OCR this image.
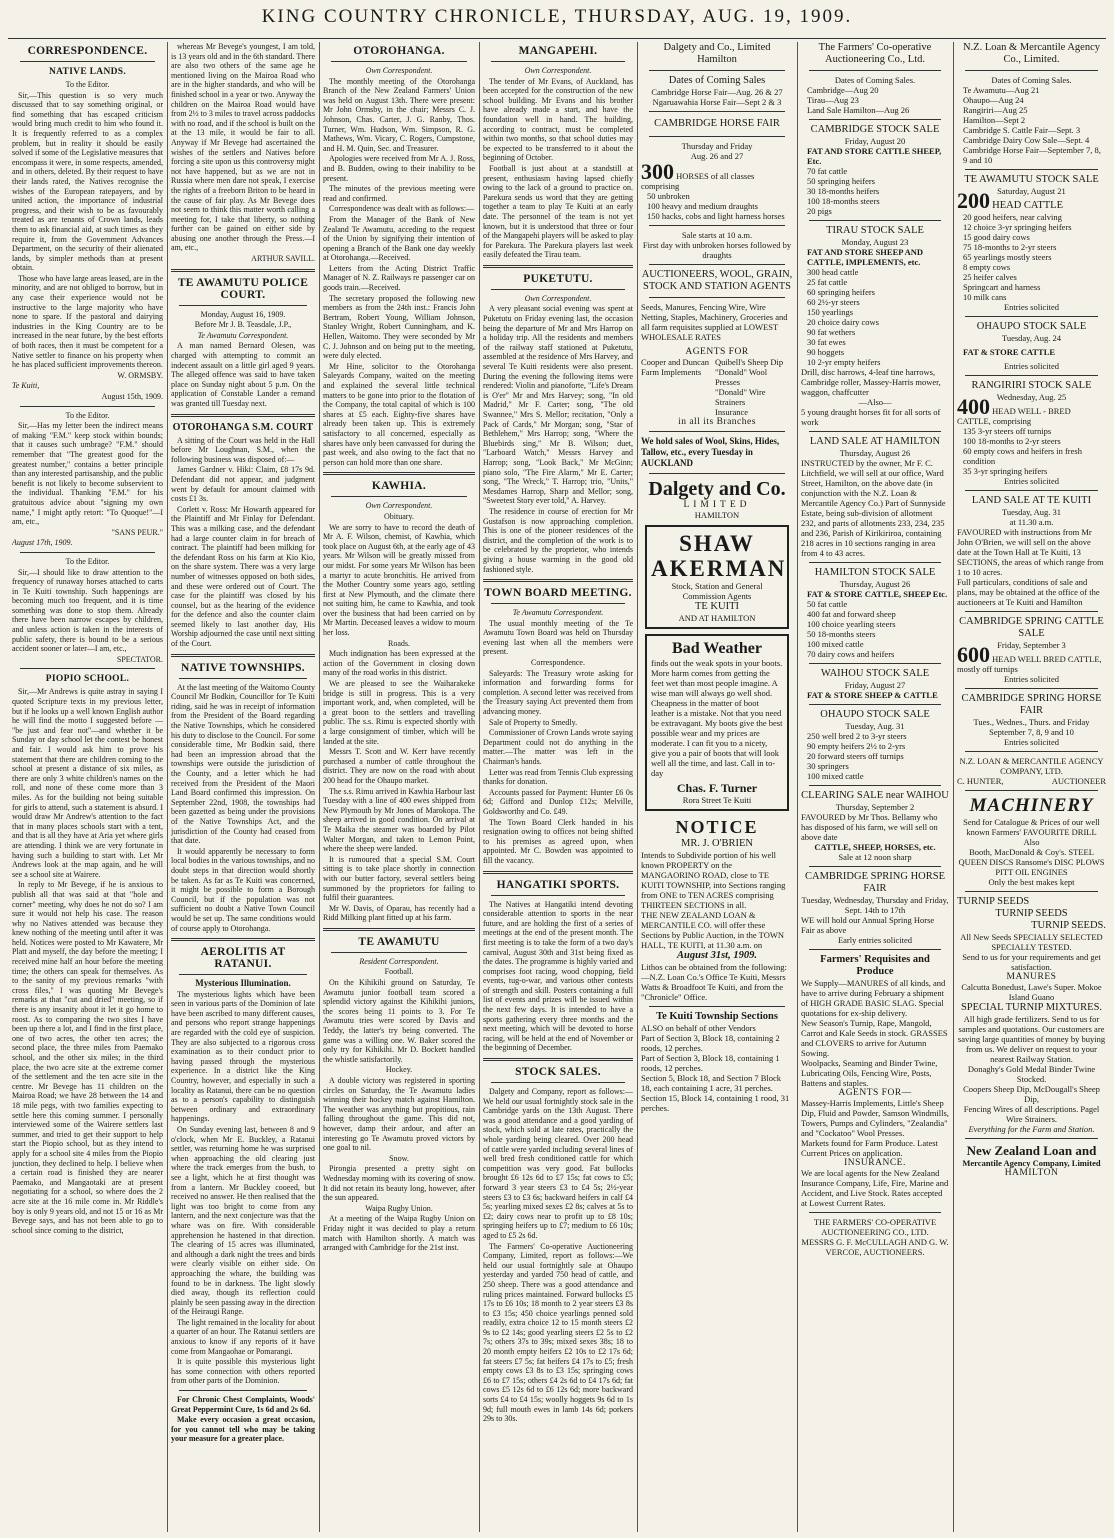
KING COUNTRY CHRONICLE, THURSDAY, AUG. 19, 1909.
CORRESPONDENCE.
NATIVE LANDS.

To the Editor.

Sir,—This question is so very much discussed that to say something original, or find something that has escaped criticism would bring much credit to him who found it. It is frequently referred to as a complex problem, but in reality it should be easily solved if some of the Legislative measures that encompass it were, in some respects, amended, and in others, deleted. By their request to have their lands rated, the Natives recognise the wishes of the European ratepayers, and by united action, the importance of industrial progress, and their wish to be as favourably treated as are tenants of Crown lands, leads them to ask financial aid, at such times as they require it, from the Government Advances Department, on the security of their alienated lands, by simpler methods than at present obtain.

Those who have large areas leased, are in the minority, and are not obliged to borrow, but in any case their experience would not be instructive to the large majority who have none to spare. If the pastoral and dairying industries in the King Country are to be increased in the near future, by the best efforts of both races, then it must be competent for a Native settler to finance on his property when he has placed sufficient improvements thereon.

W. ORMSBY.

Te Kuiti,

August 15th, 1909.

To the Editor.

Sir,—Has my letter been the indirect means of making "F.M." keep stock within bounds; that it causes such umbrage? "F.M." should remember that "The greatest good for the greatest number," contains a better principle than any interested partisanship, and the public benefit is not likely to become subservient to the individual. Thanking "F.M." for his gratuitous advice about "signing my own name," I might aptly retort: "To Quoque!"—I am, etc.,

"SANS PEUR."

August 17th, 1909.

To the Editor.

Sir,—I should like to draw attention to the frequency of runaway horses attached to carts in Te Kuiti township. Such happenings are becoming much too frequent, and it is time something was done to stop them. Already there have been narrow escapes by children, and unless action is taken in the interests of public safety, there is bound to be a serious accident sooner or later—I am, etc.,

SPECTATOR.

PIOPIO SCHOOL.

Sir,—Mr Andrews is quite astray in saying I quoted Scripture texts in my previous letter, but if he looks up a well known English author he will find the motto I suggested before — "be just and fear not"—and whether it be Sunday or day school let the contest be honest and fair. I would ask him to prove his statement that there are children coming to the school at present a distance of six miles, as there are only 3 white children's names on the roll, and none of these come more than 3 miles. As for the building not being suitable for girls to attend, such a statement is absurd. I would draw Mr Andrew's attention to the fact that in many places schools start with a tent, and that is all they have at Aria yet where girls are attending. I think we are very fortunate in having such a building to start with. Let Mr Andrews look at the map again, and he will see a school site at Wairere.

In reply to Mr Bevege, if he is anxious to publish all that was said at that "hole and corner" meeting, why does he not do so? I am sure it would not help his case. The reason why no Natives attended was because they knew nothing of the meeting until after it was held. Notices were posted to Mr Kawatere, Mr Platt and myself, the day before the meeting; I received mine half an hour before the meeting time; the others can speak for themselves. As to the sanity of my previous remarks "with cross files," I was quoting Mr Bevege's remarks at that "cut and dried" meeting, so if there is any insanity about it let it go home to roost. As to comparing the two sites I have been up there a lot, and I find in the first place, one of two acres, the other ten acres; the second place, the three miles from Paemako school, and the other six miles; in the third place, the two acre site at the extreme corner of the settlement and the ten acre site in the centre. Mr Bevege has 11 children on the Mairoa Road; we have 28 between the 14 and 18 mile pegs, with two families expecting to settle here this coming summer. I personally interviewed some of the Wairere settlers last summer, and tried to get their support to help start the Piopio school, but as they intend to apply for a school site 4 miles from the Piopio junction, they declined to help. I believe when a certain road is finished they are nearer Paemako, and Mangaotaki are at present negotiating for a school, so where does the 2 acre site at the 16 mile come in. Mr Riddle's boy is only 9 years old, and not 15 or 16 as Mr Bevege says, and has not been able to go to school since coming to the district,

whereas Mr Bevege's youngest, I am told, is 13 years old and in the 6th standard. There are also two others of the same age he mentioned living on the Mairoa Road who are in the higher standards, and who will be finished school in a year or two. Anyway the children on the Mairoa Road would have from 2½ to 3 miles to travel across paddocks with no road, and if the school is built on the at the 13 mile, it would be fair to all. Anyway if Mr Bevege had ascertained the wishes of the settlers and Natives before forcing a site upon us this controversy might not have happened, but as we are not in Russia where men dare not speak, I exercise the rights of a freeborn Briton to be heard in the cause of fair play. As Mr Bevege does not seem to think this matter worth calling a meeting for, I take that liberty, so nothing further can be gained on either side by abusing one another through the Press.—I am, etc.,

ARTHUR SAVILL.

TE AWAMUTU POLICE COURT.

Monday, August 16, 1909.

Before Mr J. B. Teasdale, J.P.,

Te Awamutu Correspondent.

A man named Bernard Olesen, was charged with attempting to commit an indecent assault on a little girl aged 9 years. The alleged offence was said to have taken place on Sunday night about 5 p.m. On the application of Constable Lander a remand was granted till Tuesday next.

OTOROHANGA S.M. COURT

A sitting of the Court was held in the Hall before Mr Loughnan, S.M., when the following business was disposed of:—

James Gardner v. Hiki: Claim, £8 17s 9d. Defendant did not appear, and judgment went by default for amount claimed with costs £1 3s.

Corlett v. Ross: Mr Howarth appeared for the Plaintiff and Mr Finlay for Defendant. This was a milking case, and the defendant had a large counter claim in for breach of contract. The plaintiff had been milking for the defendant Ross on his farm at Kio Kio, on the share system. There was a very large number of witnesses opposed on both sides, and these were ordered out of Court. The case for the plaintiff was closed by his counsel, but as the hearing of the evidence for the defence and also the counter claim seemed likely to last another day, His Worship adjourned the case until next sitting of the Court.

NATIVE TOWNSHIPS.

At the last meeting of the Waitomo County Council Mr Bodkin, Councillor for Te Kuiti riding, said he was in receipt of information from the President of the Board regarding the Native Townships, which he considered his duty to disclose to the Council. For some considerable time, Mr Bodkin said, there had been an impression abroad that the townships were outside the jurisdiction of the County, and a letter which he had received from the President of the Maori Land Board confirmed this impression. On September 22nd, 1908, the townships had been gazetted as being under the provisions of the Native Townships Act, and the jurisdiction of the County had ceased from that date.

It would apparently be necessary to form local bodies in the various townships, and no doubt steps in that direction would shortly be taken. As far as Te Kuiti was concerned, it might be possible to form a Borough Council, but if the population was not sufficient no doubt a Native Town Council would be set up. The same conditions would of course apply to Otorohanga.

AEROLITIS AT RATANUI.

Mysterious Illumination.

The mysterious lights which have been seen in various parts of the Dominion of late have been ascribed to many different causes, and persons who report strange happenings are regarded with the cold eye of suspicion. They are also subjected to a rigorous cross examination as to their conduct prior to having passed through the mysterious experience. In a district like the King Country, however, and especially in such a locality as Ratanui, there can be no question as to a person's capability to distinguish between ordinary and extraordinary happenings.

On Sunday evening last, between 8 and 9 o'clock, when Mr E. Buckley, a Ratanui settler, was returning home he was surprised when approaching the old clearing just where the track emerges from the bush, to see a light, which he at first thought was from a lantern. Mr Buckley cooeed, but received no answer. He then realised that the light was too bright to come from any lantern, and the next conjecture was that the whare was on fire. With considerable apprehension he hastened in that direction. The clearing of 15 acres was illuminated, and although a dark night the trees and birds were clearly visible on either side. On approaching the whare, the building was found to be in darkness. The light slowly died away, though its reflection could plainly be seen passing away in the direction of the Heiraugi Range.

The light remained in the locality for about a quarter of an hour. The Ratanui settlers are anxious to know if any reports of it have come from Mangaohae or Pomarangi.

It is quite possible this mysterious light has some connection with others reported from other parts of the Dominion.

For Chronic Chest Complaints, Woods' Great Peppermint Cure, 1s 6d and 2s 6d.

Make every occasion a great occasion, for you cannot tell who may be taking your measure for a greater place.

OTOROHANGA.

Own Correspondent.

The monthly meeting of the Otorohanga Branch of the New Zealand Farmers' Union was held on August 13th. There were present: Mr John Ormsby, in the chair; Messrs C. J. Johnson, Chas. Carter, J. G. Ranby, Thos. Turner, Wm. Hudson, Wm. Simpson, R. G. Mathews, Wm. Vicary, C. Rogers, Cumpstone, and H. M. Quin, Sec. and Treasurer.

Apologies were received from Mr A. J. Ross, and B. Budden, owing to their inability to be present.

The minutes of the previous meeting were read and confirmed.

Correspondence was dealt with as follows:—

From the Manager of the Bank of New Zealand Te Awamutu, acceding to the request of the Union by signifying their intention of opening a Branch of the Bank one day weekly at Otorohanga.—Received.

Letters from the Acting District Traffic Manager of N. Z. Railways re passenger car on goods train.—Received.

The secretary proposed the following new members as from the 24th inst.: Francis John Bertram, Robert Young, William Johnson, Stanley Wright, Robert Cunningham, and K. Hellen, Waitomo. They were seconded by Mr C. J. Johnson and on being put to the meeting, were duly elected.

Mr Hine, solicitor to the Otorohanga Saleyards Company, waited on the meeting and explained the several little technical matters to be gone into prior to the flotation of the Company, the total capital of which is 100 shares at £5 each. Eighty-five shares have already been taken up. This is extremely satisfactory to all concerned, especially as shares have only been canvassed for during the past week, and also owing to the fact that no person can hold more than one share.

KAWHIA.

Own Correspondent.

Obituary.

We are sorry to have to record the death of Mr A. F. Wilson, chemist, of Kawhia, which took place on August 6th, at the early age of 43 years. Mr Wilson will be greatly missed from our midst. For some years Mr Wilson has been a martyr to acute bronchitis. He arrived from the Mother Country some years ago, settling first at New Plymouth, and the climate there not suiting him, he came to Kawhia, and took over the business that had been carried on by Mr Martin. Deceased leaves a widow to mourn her loss.

Roads.

Much indignation has been expressed at the action of the Government in closing down many of the road works in this district.

We are pleased to see the Waiharakeke bridge is still in progress. This is a very important work, and, when completed, will be a great boon to the settlers and travelling public. The s.s. Rimu is expected shortly with a large consignment of timber, which will be landed at the site.

Messrs T. Scott and W. Kerr have recently purchased a number of cattle throughout the district. They are now on the road with about 200 head for the Ohaupo market.

The s.s. Rimu arrived in Kawhia Harbour last Tuesday with a line of 400 ewes shipped from New Plymouth by Mr Jones of Marokopa. The sheep arrived in good condition. On arrival at Te Maika the steamer was boarded by Pilot Walter Morgan, and taken to Lemon Point, where the sheep were landed.

It is rumoured that a special S.M. Court sitting is to take place shortly in connection with our butter factory, several settlers being summoned by the proprietors for failing to fulfil their guarantees.

Mr W. Davis, of Oparau, has recently had a Ridd Milking plant fitted up at his farm.

TE AWAMUTU

Resident Correspondent.

Football.

On the Kihikihi ground on Saturday, Te Awamutu junior football team scored a splendid victory against the Kihikihi juniors, the scores being 11 points to 3. For Te Awamutu tries were scored by Davis and Teddy, the latter's try being converted. The game was a willing one. W. Baker scored the only try for Kihikihi. Mr D. Bockett handled the whistle satisfactorily.

Hockey.

A double victory was registered in sporting circles on Saturday, the Te Awamutu ladies winning their hockey match against Hamilton. The weather was anything but propitious, rain falling throughout the game. This did not, however, damp their ardour, and after an interesting go Te Awamutu proved victors by one goal to nil.

Snow.

Pirongia presented a pretty sight on Wednesday morning with its covering of snow. It did not retain its beauty long, however, after the sun appeared.

Waipa Rugby Union.

At a meeting of the Waipa Rugby Union on Friday night it was decided to play a return match with Hamilton shortly. A match was arranged with Cambridge for the 21st inst.

MANGAPEHI.

Own Correspondent.

The tender of Mr Evans, of Auckland, has been accepted for the construction of the new school building. Mr Evans and his brother have already made a start, and have the foundation well in hand. The building, according to contract, must be completed within two months, so that school duties may be expected to be transferred to it about the beginning of October.

Football is just about at a standstill at present, enthusiasm having lapsed chiefly owing to the lack of a ground to practice on. Parekura sends us word that they are getting together a team to play Te Kuiti at an early date. The personnel of the team is not yet known, but it is understood that three or four of the Mangapehi players will be asked to play for Parekura. The Parekura players last week easily defeated the Tirau team.

PUKETUTU.

Own Correspondent.

A very pleasant social evening was spent at Puketutu on Friday evening last, the occasion being the departure of Mr and Mrs Harrop on a holiday trip. All the residents and members of the railway staff stationed at Puketutu, assembled at the residence of Mrs Harvey, and several Te Kuiti residents were also present. During the evening the following items were rendered: Violin and pianoforte, "Life's Dream is O'er" Mr and Mrs Harvey; song, "In old Madrid," Mr F. Carter; song, "The old Swannee," Mrs S. Mellor; recitation, "Only a Pack of Cards," Mr Morgan; song, "Star of Bethlehem," Mrs Harrop; song, "Where the Bluebirds sing," Mr B. Wilson; duet, "Larboard Watch," Messrs Harvey and Harrop; song, "Look Back," Mr McGinn; piano solo, "The Fire Alarm," Mr E. Carter; song, "The Wreck," T. Harrop; trio, "Units," Mesdames Harrop, Sharp and Mellor; song, "Sweetest Story ever told," A. Harvey.

The residence in course of erection for Mr Gustafson is now approaching completion. This is one of the pioneer residences of the district, and the completion of the work is to be celebrated by the proprietor, who intends giving a house warming in the good old fashioned style.

TOWN BOARD MEETING.

Te Awamutu Correspondent.

The usual monthly meeting of the Te Awamutu Town Board was held on Thursday evening last when all the members were present.

Correspondence.

Saleyards: The Treasury wrote asking for information and forwarding forms for completion. A second letter was received from the Treasury saying Act prevented them from advancing money.

Sale of Property to Smedly.

Commissioner of Crown Lands wrote saying Department could not do anything in the matter.—The matter was left in the Chairman's hands.

Letter was read from Tennis Club expressing thanks for donation.

Accounts passed for Payment: Hunter £6 0s 6d; Gifford and Dunlop £12s; Melville, Goldsworthy and Co. £49.

The Town Board Clerk handed in his resignation owing to offices not being shifted to his premises as agreed upon, when appointed. Mr C. Bowden was appointed to fill the vacancy.

HANGATIKI SPORTS.

The Natives at Hangatiki intend devoting considerable attention to sports in the near future, and are holding the first of a series of meetings at the end of the present month. The first meeting is to take the form of a two day's carnival, August 30th and 31st being fixed as the dates. The programme is highly varied and comprises foot racing, wood chopping, field events, tug-o-war, and various other contests of strength and skill. Posters containing a full list of events and prizes will be issued within the next few days. It is intended to have a sports gathering every three months and the next meeting, which will be devoted to horse racing, will be held at the end of November or the beginning of December.

STOCK SALES.

Dalgety and Company, report as follows:—We held our usual fortnightly stock sale in the Cambridge yards on the 13th August. There was a good attendance and a good yarding of stock, which sold at late rates, practically the whole yarding being cleared. Over 200 head of cattle were yarded including several lines of well bred fresh conditioned cattle for which competition was very good. Fat bullocks brought £6 12s 6d to £7 15s; fat cows to £5; forward 3 year steers £3 to £4 5s; 2½-year steers £3 to £3 6s; backward heifers in calf £4 5s; yearling mixed sexes £2 8s; calves at 5s to £2; dairy cows near to profit up to £8 10s; springing heifers up to £7; medium to £6 10s; aged to £5 2s 6d.

The Farmers' Co-operative Auctioneering Company, Limited, report as follows:—We held our usual fortnightly sale at Ohaupo yesterday and yarded 750 head of cattle, and 250 sheep. There was a good attendance and ruling prices maintained. Forward bullocks £5 17s to £6 10s; 18 month to 2 year steers £3 8s to £3 15s; 450 choice yearlings penned sold readily, extra choice 12 to 15 month steers £2 9s to £2 14s; good yearling steers £2 5s to £2 7s; others 37s to 39s; mixed sexes 38s; 18 to 20 month empty heifers £2 10s to £2 17s 6d; fat steers £7 5s; fat heifers £4 17s to £5; fresh empty cows £3 8s to £3 15s; springing cows £6 to £7 15s; others £4 2s 6d to £4 17s 6d; fat cows £5 12s 6d to £6 12s 6d; more backward sorts £4 to £4 15s; woolly hoggets 9s 6d to 1s 9d; full mouth ewes in lamb 14s 6d; porkers 29s to 30s.

Dalgety and Co., Limited
Hamilton
Dates of Coming Sales
Cambridge Horse Fair—Aug. 26 & 27
Ngaruawahia Horse Fair—Sept 2 & 3
CAMBRIDGE HORSE FAIR
Thursday and Friday
Aug. 26 and 27
300 HORSES of all classes comprising
50 unbroken
100 heavy and medium draughts
150 hacks, cobs and light harness horses
Sale starts at 10 a.m.
First day with unbroken horses followed by draughts
AUCTIONEERS, WOOL, GRAIN, STOCK AND STATION AGENTS
Seeds, Manures, Fencing Wire, Wire Netting, Staples, Machinery, Groceries and all farm requisites supplied at LOWEST WHOLESALE RATES
AGENTS FOR
Cooper and Duncan Farm Implements
Quibell's Sheep Dip
"Donald" Wool Presses
"Donald" Wire Strainers
Insurance
in all its Branches
We hold sales of Wool, Skins, Hides, Tallow, etc., every Tuesday in AUCKLAND
Dalgety and Co.
LIMITED
HAMILTON
SHAW
AKERMAN
Stock, Station and General Commission Agents
TE KUITI
AND AT HAMILTON
Bad Weather
finds out the weak spots in your boots. More harm comes from getting the feet wet than most people imagine. A wise man will always go well shod. Cheapness in the matter of boot leather is a mistake. Not that you need be extravagant. My boots give the best possible wear and my prices are moderate. I can fit you to a nicety, give you a pair of boots that will look well all the time, and last. Call in to-day
Chas. F. Turner
Rora Street Te Kuiti
NOTICE
MR. J. O'BRIEN
Intends to Subdivide portion of his well known PROPERTY on the MANGAORINO ROAD, close to TE KUITI TOWNSHIP, into Sections ranging from ONE to TEN ACRES comprising THIRTEEN SECTIONS in all.
THE NEW ZEALAND LOAN & MERCANTILE CO. will offer these Sections by Public Auction, in the TOWN HALL, TE KUITI, at 11.30 a.m. on
August 31st, 1909.
Lithos can be obtained from the following:—N.Z. Loan Co.'s Office Te Kuiti, Messrs Watts & Broadfoot Te Kuiti, and from the "Chronicle" Office.
Te Kuiti Township Sections
ALSO on behalf of other Vendors
Part of Section 3, Block 18, containing 2 roods, 12 perches.
Part of Section 3, Block 18, containing 1 roods, 12 perches.
Section 5, Block 18, and Section 7 Block 18, each containing 1 acre, 31 perches.
Section 15, Block 14, containing 1 rood, 31 perches.
The Farmers' Co-operative Auctioneering Co., Ltd.
Dates of Coming Sales.
Cambridge—Aug 20
Tirau—Aug 23
Land Sale Hamilton—Aug 26
CAMBRIDGE STOCK SALE
Friday, August 20
FAT AND STORE CATTLE SHEEP, Etc.
70 fat cattle
50 springing heifers
30 18-months heifers
100 18-months steers
20 pigs
TIRAU STOCK SALE
Monday, August 23
FAT AND STORE SHEEP AND CATTLE, IMPLEMENTS, etc.
300 head cattle
25 fat cattle
60 springing heifers
60 2½-yr steers
150 yearlings
20 choice dairy cows
90 fat wethers
30 fat ewes
90 hoggets
10 2-yr empty heifers
Drill, disc harrows, 4-leaf tine harrows, Cambridge roller, Massey-Harris mower, waggon, chaffcutter
—Also—
5 young draught horses fit for all sorts of work
LAND SALE AT HAMILTON
Thursday, August 26
INSTRUCTED by the owner, Mr F. C. Litchfield, we will sell at our office, Ward Street, Hamilton, on the above date (in conjunction with the N.Z. Loan & Mercantile Agency Co.) Part of Sunnyside Estate, being sub-division of allotment 232, and parts of allotments 233, 234, 235 and 236, Parish of Kirikiriroa, containing 218 acres in 10 sections ranging in area from 4 to 43 acres.
HAMILTON STOCK SALE
Thursday, August 26
FAT & STORE CATTLE, SHEEP Etc.
50 fat cattle
400 fat and forward sheep
100 choice yearling steers
50 18-months steers
100 mixed cattle
70 dairy cows and heifers
WAIHOU STOCK SALE
Friday, August 27
FAT & STORE SHEEP & CATTLE
OHAUPO STOCK SALE
Tuesday, Aug. 31
250 well bred 2 to 3-yr steers
90 empty heifers 2½ to 2-yrs
20 forward steers off turnips
30 springers
100 mixed cattle
CLEARING SALE near WAIHOU
Thursday, September 2
FAVOURED by Mr Thos. Bellamy who has disposed of his farm, we will sell on above date
CATTLE, SHEEP, HORSES, etc.
Sale at 12 noon sharp
CAMBRIDGE SPRING HORSE FAIR
Tuesday, Wednesday, Thursday and Friday, Sept. 14th to 17th
WE will hold our Annual Spring Horse Fair as above
Early entries solicited
Farmers' Requisites and Produce
We Supply—MANURES of all kinds, and have to arrive during February a shipment of HIGH GRADE BASIC SLAG. Special quotations for ex-ship delivery.
New Season's Turnip, Rape, Mangold, Carrot and Kale Seeds in stock. GRASSES and CLOVERS to arrive for Autumn Sowing.
Woolpacks, Seaming and Binder Twine, Lubricating Oils, Fencing Wire, Posts, Battens and staples.
AGENTS FOR—
Massey-Harris Implements, Little's Sheep Dip, Fluid and Powder, Samson Windmills, Towers, Pumps and Cylinders, "Zealandia" and "Cockatoo" Wool Presses.
Markets found for Farm Produce. Latest Current Prices on application.
INSURANCE.
We are local agents for the New Zealand Insurance Company, Life, Fire, Marine and Accident, and Live Stock. Rates accepted at Lowest Current Rates.
THE FARMERS' CO-OPERATIVE AUCTIONEERING CO., LTD.
MESSRS G. F. McCULLAGH AND G. W. VERCOE, AUCTIONEERS.
N.Z. Loan & Mercantile Agency Co., Limited.
Dates of Coming Sales.
Te Awamutu—Aug 21
Ohaupo—Aug 24
Rangiriri—Aug 25
Hamilton—Sept 2
Cambridge S. Cattle Fair—Sept. 3
Cambridge Dairy Cow Sale—Sept. 4
Cambridge Horse Fair—September 7, 8, 9 and 10
TE AWAMUTU STOCK SALE
Saturday, August 21
200 HEAD CATTLE
20 good heifers, near calving
12 choice 3-yr springing heifers
15 good dairy cows
75 18-months to 2-yr steers
65 yearlings mostly steers
8 empty cows
25 heifer calves
Springcart and harness
10 milk cans
Entries solicited
OHAUPO STOCK SALE
Tuesday, Aug. 24
FAT & STORE CATTLE
Entries solicited
RANGIRIRI STOCK SALE
Wednesday, Aug. 25
400 HEAD WELL - BRED CATTLE, comprising
135 3-yr steers off turnips
100 18-months to 2-yr steers
60 empty cows and heifers in fresh condition
35 3-yr springing heifers
Entries solicited
LAND SALE AT TE KUITI
Tuesday, Aug. 31
at 11.30 a.m.
FAVOURED with instructions from Mr John O'Brien, we will sell on the above date at the Town Hall at Te Kuiti, 13 SECTIONS, the areas of which range from 1 to 10 acres.
Full particulars, conditions of sale and plans, may be obtained at the office of the auctioneers at Te Kuiti and Hamilton
CAMBRIDGE SPRING CATTLE SALE
Friday, September 3
600 HEAD WELL BRED CATTLE, mostly off turnips
Entries solicited
CAMBRIDGE SPRING HORSE FAIR
Tues., Wednes., Thurs. and Friday September 7, 8, 9 and 10
Entries solicited
N.Z. LOAN & MERCANTILE AGENCY COMPANY, LTD.
C. HUNTER,	AUCTIONEER
MACHINERY
Send for Catalogue & Prices of our well known Farmers' FAVOURITE DRILL
Also
Booth, MacDonald & Coy's. STEEL QUEEN DISCS Ransome's DISC PLOWS PITT OIL ENGINES
Only the best makes kept
TURNIP SEEDS
TURNIP SEEDS
TURNIP SEEDS.
All New Seeds SPECIALLY SELECTED SPECIALLY TESTED.
Send to us for your requirements and get satisfaction.
MANURES
Calcutta Bonedust, Lawe's Super. Mokoe Island Guano
SPECIAL TURNIP MIXTURES.
All high grade fertilizers. Send to us for samples and quotations. Our customers are saving large quantities of money by buying from us. We deliver on request to your nearest Railway Station.
Donaghy's Gold Medal Binder Twine Stocked.
Coopers Sheep Dip, McDougall's Sheep Dip,
Fencing Wires of all descriptions. Pagel Wire Strainers.
Everything for the Farm and Station.
New Zealand Loan and
Mercantile Agency Company, Limited
HAMILTON
